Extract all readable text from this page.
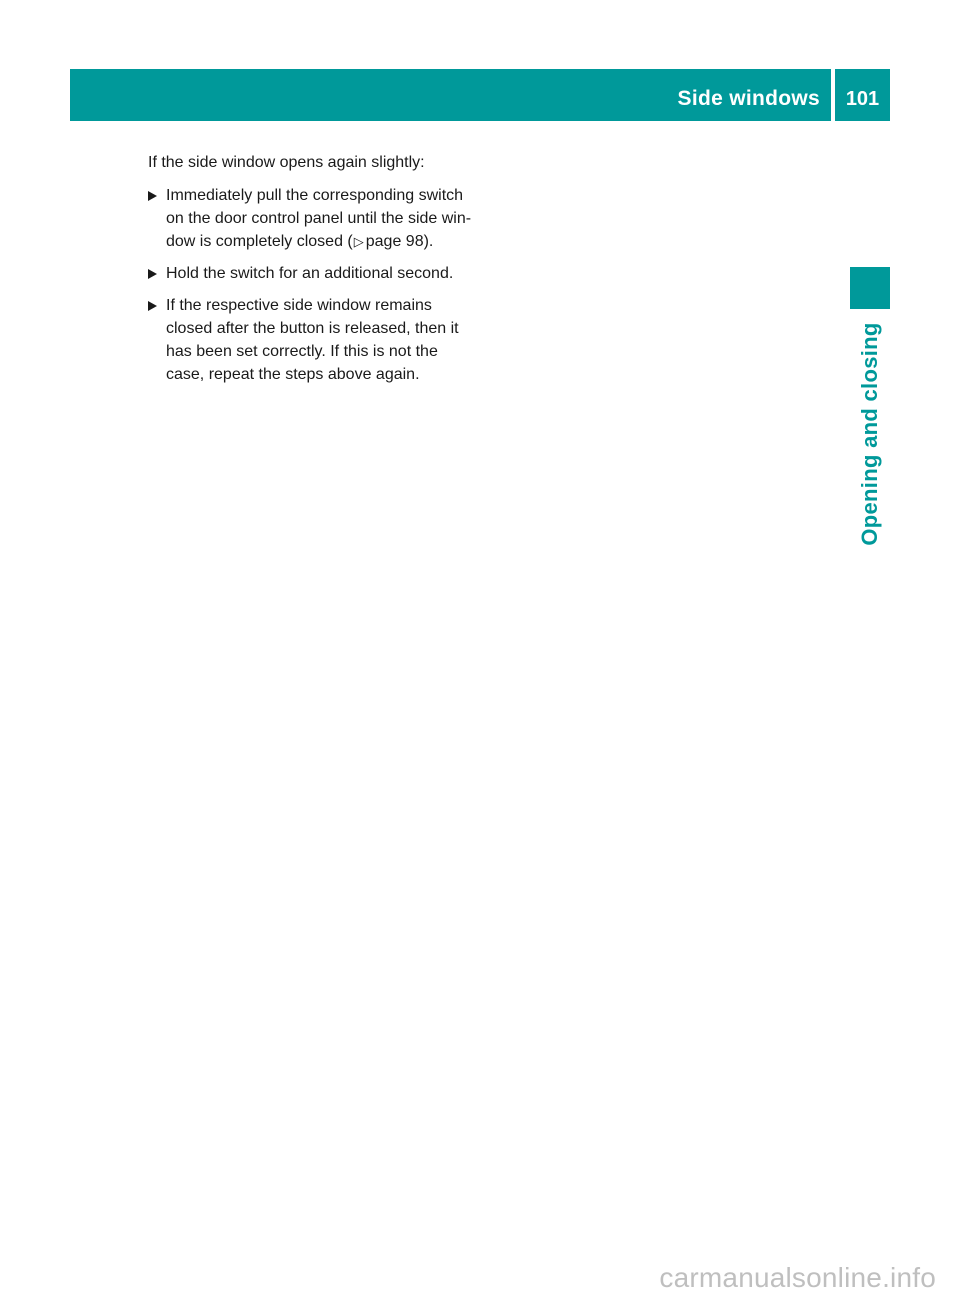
Side windows	101
Opening and closing

If the side window opens again slightly:

Immediately pull the corresponding switch
on the door control panel until the side win-
dow is completely closed (▷ page 98).
Hold the switch for an additional second.
If the respective side window remains
closed after the button is released, then it
has been set correctly. If this is not the
case, repeat the steps above again.
carmanualsonline.info
